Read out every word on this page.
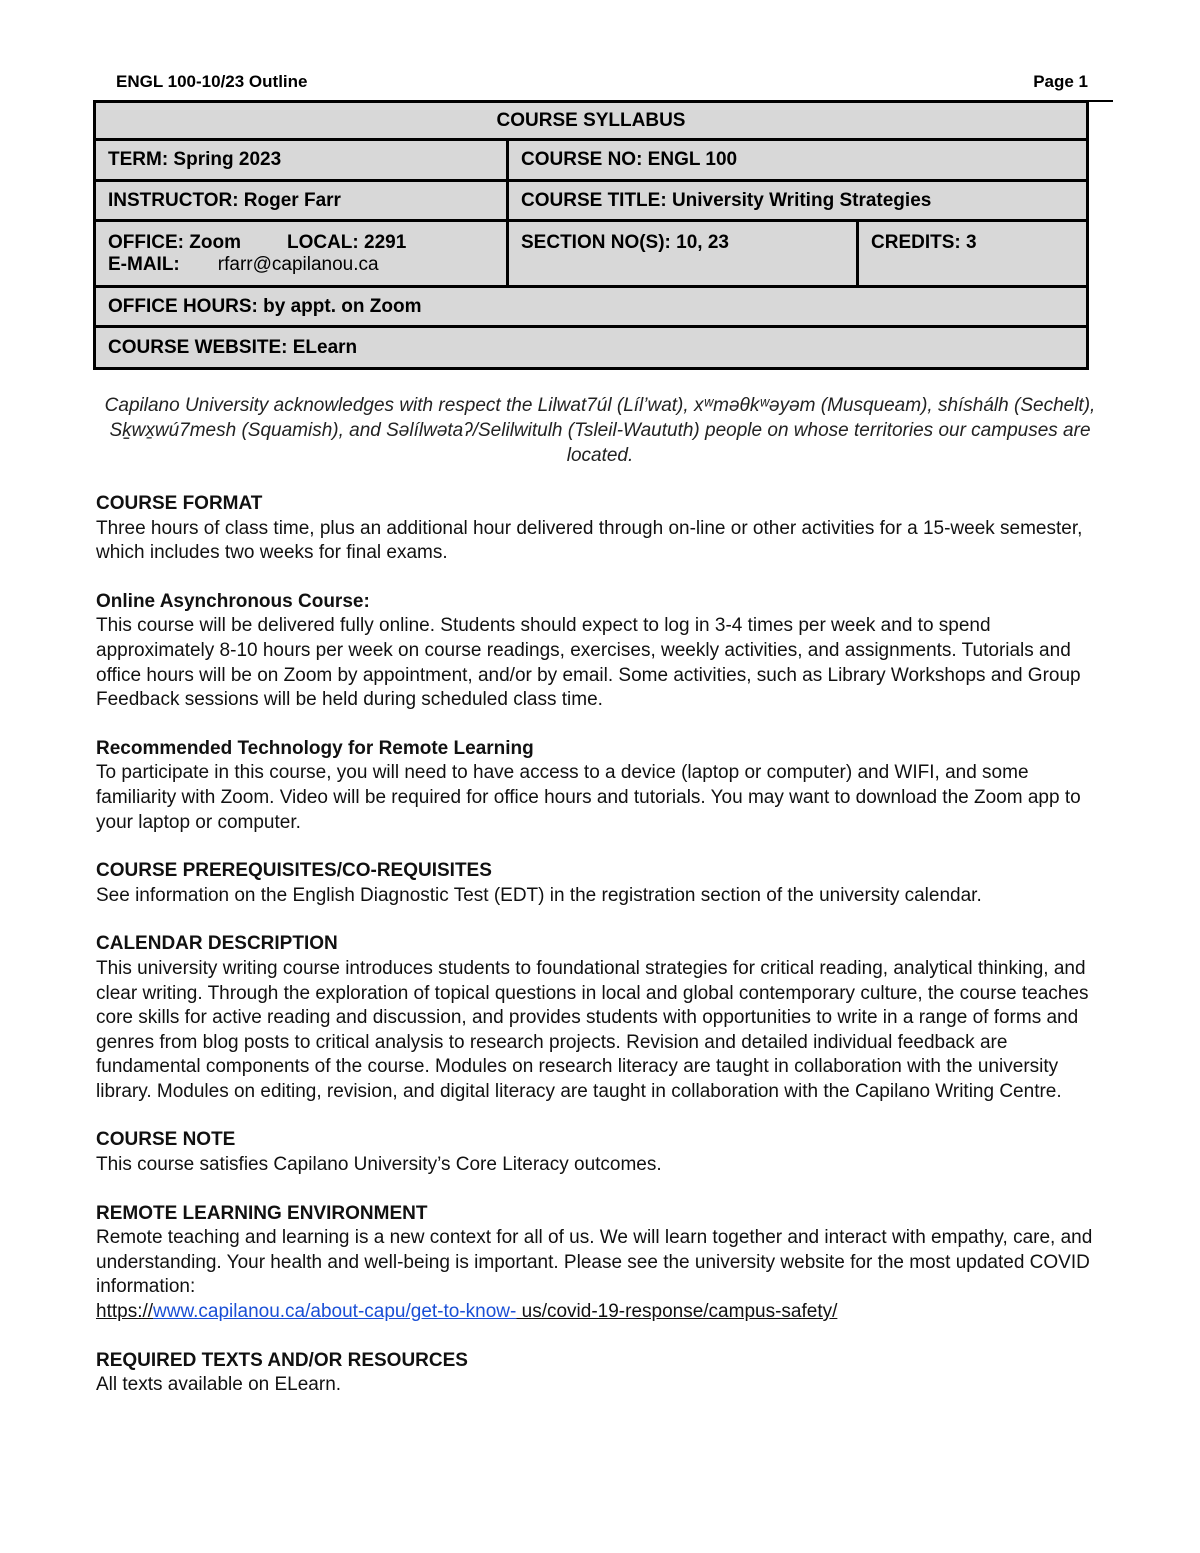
ENGL 100-10/23 Outline	Page 1
COURSE SYLLABUS
TERM: Spring 2023	COURSE NO: ENGL 100
INSTRUCTOR: Roger Farr	COURSE TITLE: University Writing Strategies
OFFICE: Zoom LOCAL: 2291
E-MAIL: rfarr@capilanou.ca
SECTION NO(S): 10, 23	CREDITS: 3
OFFICE HOURS: by appt. on Zoom
COURSE WEBSITE: ELearn
Capilano University acknowledges with respect the Lilwat7úl (Líl’wat), xʷməθkʷəyəm (Musqueam), shíshálh (Sechelt), Sḵwx̱wú7mesh (Squamish), and Səlílwətaʔ/Selilwitulh (Tsleil-Waututh) people on whose territories our campuses are located.
COURSE FORMAT

Three hours of class time, plus an additional hour delivered through on-line or other activities for a 15-week semester, which includes two weeks for final exams.

Online Asynchronous Course:

This course will be delivered fully online. Students should expect to log in 3-4 times per week and to spend approximately 8-10 hours per week on course readings, exercises, weekly activities, and assignments. Tutorials and office hours will be on Zoom by appointment, and/or by email. Some activities, such as Library Workshops and Group Feedback sessions will be held during scheduled class time.

Recommended Technology for Remote Learning

To participate in this course, you will need to have access to a device (laptop or computer) and WIFI, and some familiarity with Zoom. Video will be required for office hours and tutorials. You may want to download the Zoom app to your laptop or computer.

COURSE PREREQUISITES/CO-REQUISITES

See information on the English Diagnostic Test (EDT) in the registration section of the university calendar.

CALENDAR DESCRIPTION

This university writing course introduces students to foundational strategies for critical reading, analytical thinking, and clear writing. Through the exploration of topical questions in local and global contemporary culture, the course teaches core skills for active reading and discussion, and provides students with opportunities to write in a range of forms and genres from blog posts to critical analysis to research projects. Revision and detailed individual feedback are fundamental components of the course. Modules on research literacy are taught in collaboration with the university library. Modules on editing, revision, and digital literacy are taught in collaboration with the Capilano Writing Centre.

COURSE NOTE

This course satisfies Capilano University’s Core Literacy outcomes.

REMOTE LEARNING ENVIRONMENT

Remote teaching and learning is a new context for all of us. We will learn together and interact with empathy, care, and understanding. Your health and well-being is important. Please see the university website for the most updated COVID information:

https://www.capilanou.ca/about-capu/get-to-know- us/covid-19-response/campus-safety/

REQUIRED TEXTS AND/OR RESOURCES

All texts available on ELearn.
